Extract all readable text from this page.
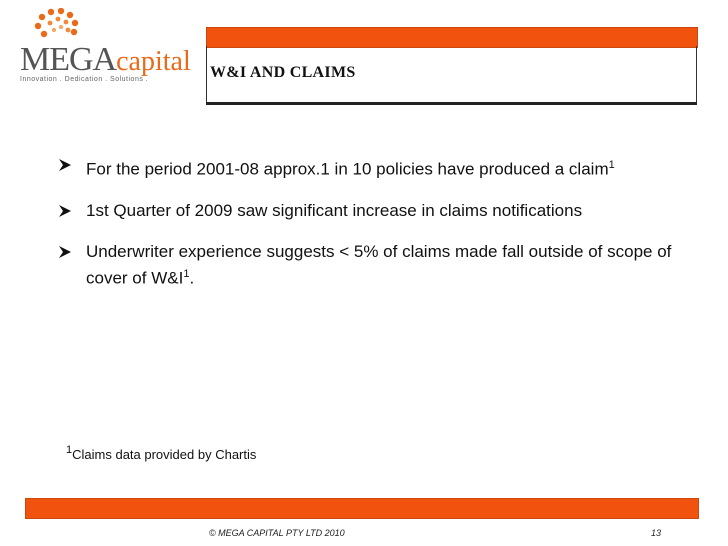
MEGAcapital
Innovation . Dedication . Solutions .	W&I AND CLAIMS
For the period 2001-08 approx.1 in 10 policies have produced a claim$^1$
1st Quarter of 2009 saw significant increase in claims notifications
Underwriter experience suggests < 5% of claims made fall outside of scope of cover of $W\&I^1$.
$^1$Claims data provided by Chartis
© MEGA CAPITAL PTY LTD 2010	13
